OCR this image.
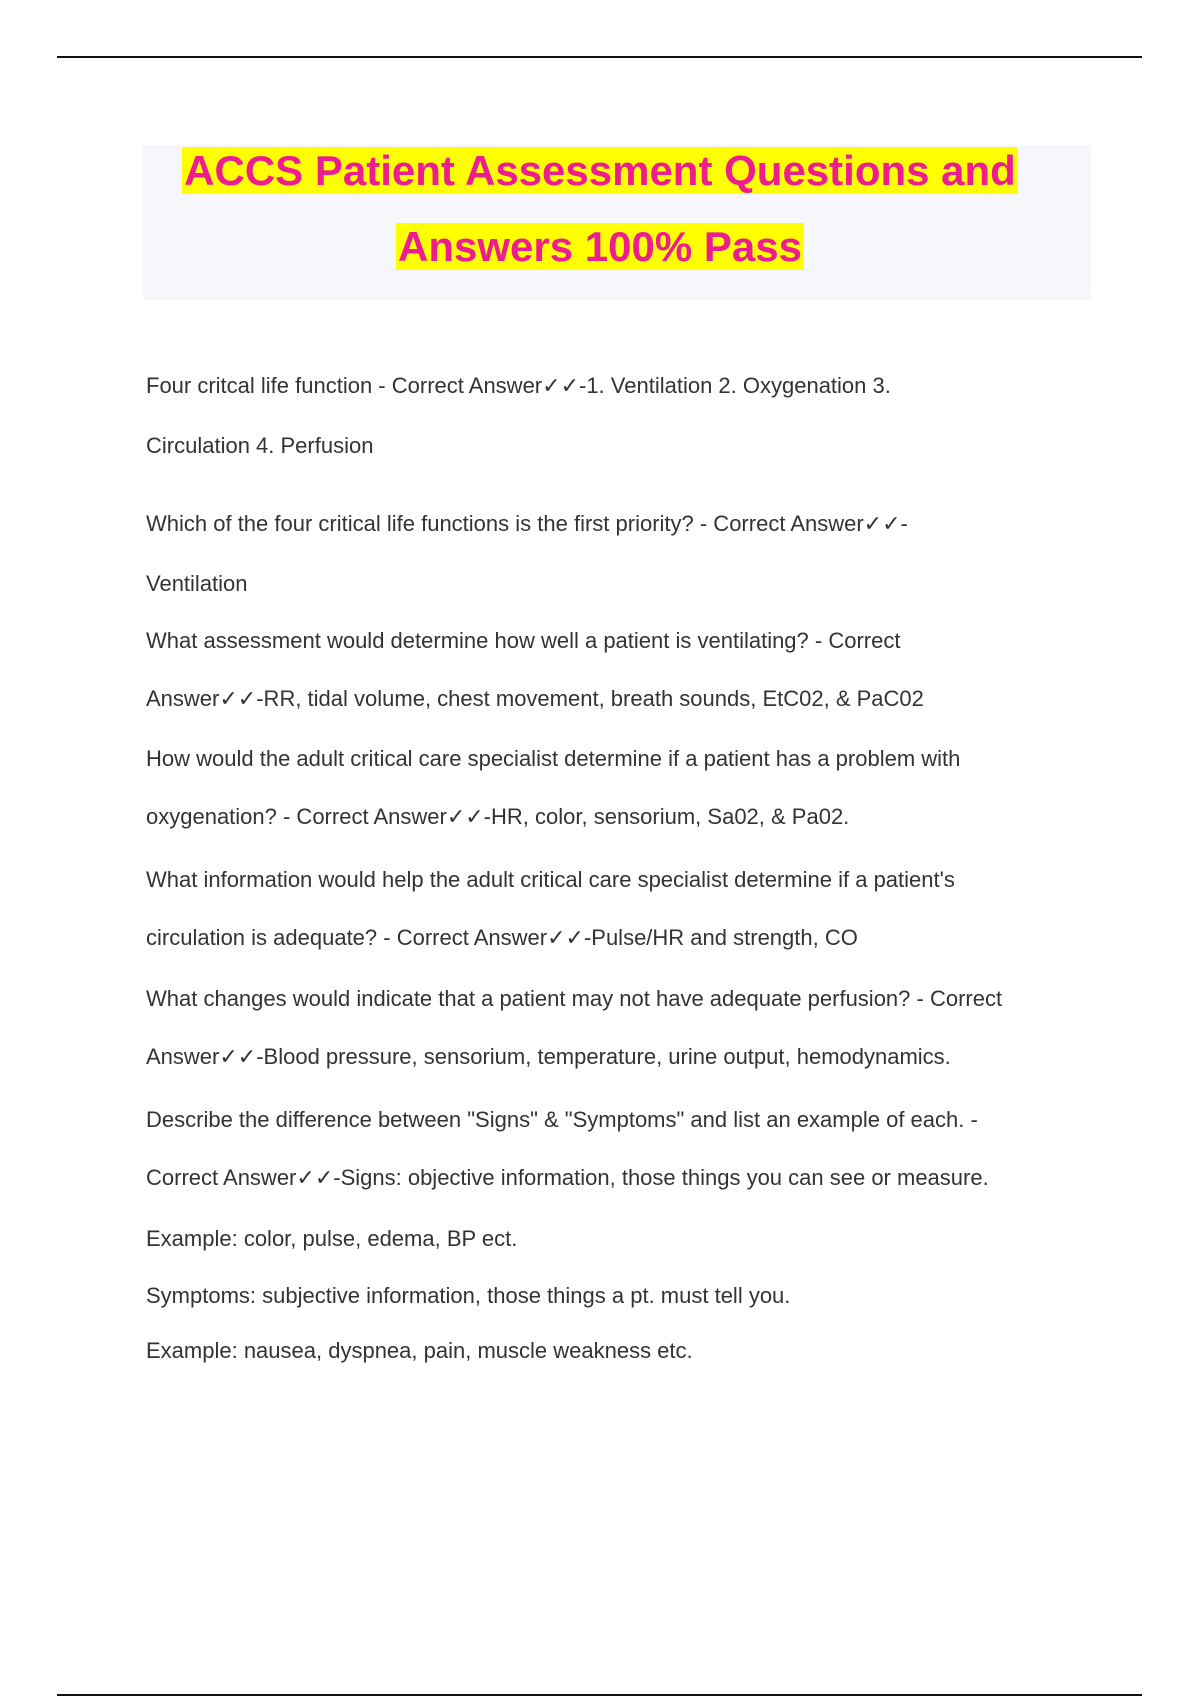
ACCS Patient Assessment Questions and
Answers 100% Pass
Four critcal life function - Correct Answer✓✓-1. Ventilation 2. Oxygenation 3.
Circulation 4. Perfusion
Which of the four critical life functions is the first priority? - Correct Answer✓✓-
Ventilation
What assessment would determine how well a patient is ventilating? - Correct
Answer✓✓-RR, tidal volume, chest movement, breath sounds, EtC02, & PaC02
How would the adult critical care specialist determine if a patient has a problem with
oxygenation? - Correct Answer✓✓-HR, color, sensorium, Sa02, & Pa02.
What information would help the adult critical care specialist determine if a patient's
circulation is adequate? - Correct Answer✓✓-Pulse/HR and strength, CO
What changes would indicate that a patient may not have adequate perfusion? - Correct
Answer✓✓-Blood pressure, sensorium, temperature, urine output, hemodynamics.
Describe the difference between "Signs" & "Symptoms" and list an example of each. -
Correct Answer✓✓-Signs: objective information, those things you can see or measure.
Example: color, pulse, edema, BP ect.
Symptoms: subjective information, those things a pt. must tell you.
Example: nausea, dyspnea, pain, muscle weakness etc.
